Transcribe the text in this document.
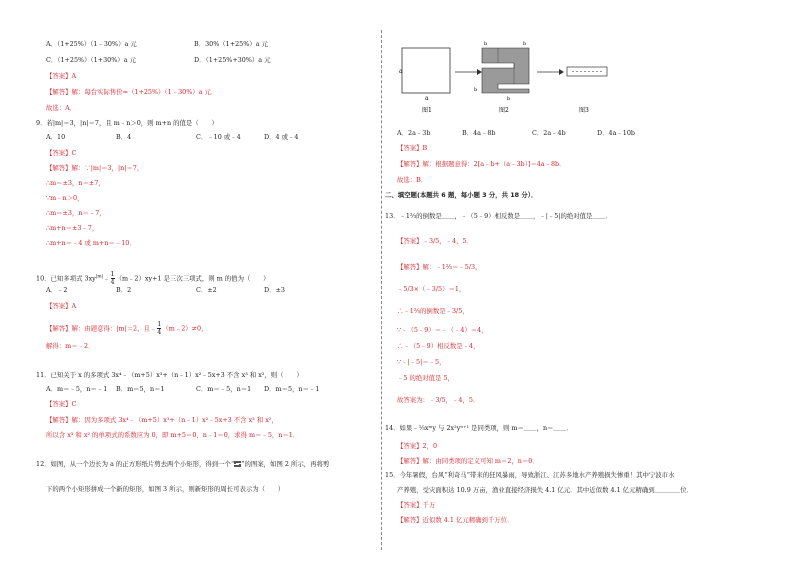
A．（1+25%）（1﹣30%）a 元	B．30%（1+25%）a 元
C．（1+25%）（1+30%）a 元	D．（1+25%+30%）a 元
【答案】A
【解答】解：每台实际售价=（1+25%）（1﹣30%）a 元．
故选：A．
9．若|m|＝3，|n|＝7，且 m﹣n＞0，则 m+n 的值是（　　）
A．10	B．4	C．﹣10 或﹣4	D．4 或﹣4
【答案】C
【解答】解：∵|m|＝3，|n|＝7，
∴m＝±3，n＝±7，
∵m﹣n＞0，
∴m＝±3，n＝﹣7，
∴m+n＝±3﹣7，
∴m+n＝﹣4 或 m+n＝﹣10．
10．已知多项式 $3xy^{|m|}﹣ \frac{1}{4}$ （m﹣2）xy+1 是三次三项式，则 m 的值为（　　）
A．﹣2	B．2	C．±2	D．±3
【答案】A
【解答】解：由题意得：|m|＝2，且﹣ $\frac{1}{4}$ （m﹣2）≠0，
解得：m＝﹣2．
11．已知关于 x 的多项式 3x⁴﹣（m+5）x³+（n﹣1）x²﹣5x+3 不含 x³ 和 x²，则（　　）
A．m＝﹣5，n＝﹣1 B．m＝5，n＝1	C．m＝﹣5，n＝1 D．m＝5，n＝﹣1
【答案】C
【解答】解：因为多项式 3x⁴﹣（m+5）x³+（n﹣1）x²﹣5x+3 不含 x³ 和 x²，
所以含 x³ 和 x² 的单项式的系数应为 0，即 m+5＝0，n﹣1＝0，求得 m＝﹣5，n＝1．
12．如图，从一个边长为 a 的正方形纸片剪去两个小矩形，得到一个“ ”的图案，如图 2 所示，再将剪
下的两个小矩形拼成一个新的矩形，如图 3 所示，则新矩形的周长可表示为（　　）
a
a
b	b
b
b
图1	图2	图3
A．2a﹣3b	B．4a﹣8b	C．2a﹣4b	D．4a﹣10b
【答案】B
【解答】解：根据题意得：2[a﹣b+（a﹣3b）]＝4a﹣8b．
故选：B．
二、填空题(本题共 6 题，每小题 3 分，共 18 分）．
13．﹣1⅔的倒数是＿＿，﹣（5﹣9）相反数是＿＿，﹣|﹣5|的绝对值是＿＿．
【答案】﹣3/5，﹣4，5．
【解答】解：﹣1⅔＝﹣5/3，
﹣5/3×（﹣3/5）＝1，
∴﹣1⅔的倒数是﹣3/5，
∵﹣（5﹣9）＝﹣（﹣4）＝4，
∴﹣（5﹣9）相反数是﹣4，
∵﹣|﹣5|＝﹣5，
﹣5 的绝对值是 5，
故答案为：﹣3/5，﹣4，5．
14．如果﹣⅓xᵐy 与 2x²yⁿ⁺¹ 是同类项，则 m＝＿＿，n＝＿＿．
【答案】2，0
【解答】解：由同类项的定义可知 m＝2，n＝0．
15．今年暑假，台风“利奇马”带来的狂风暴雨，导致浙江、江苏多地水产养殖损失惨重！其中宁波市水
产养殖，受灾面积达 10.9 万亩，渔业直接经济损失 4.1 亿元．其中近似数 4.1 亿元精确到＿＿＿＿位．
【答案】千万
【解答】近似数 4.1 亿元精确到千万位．
